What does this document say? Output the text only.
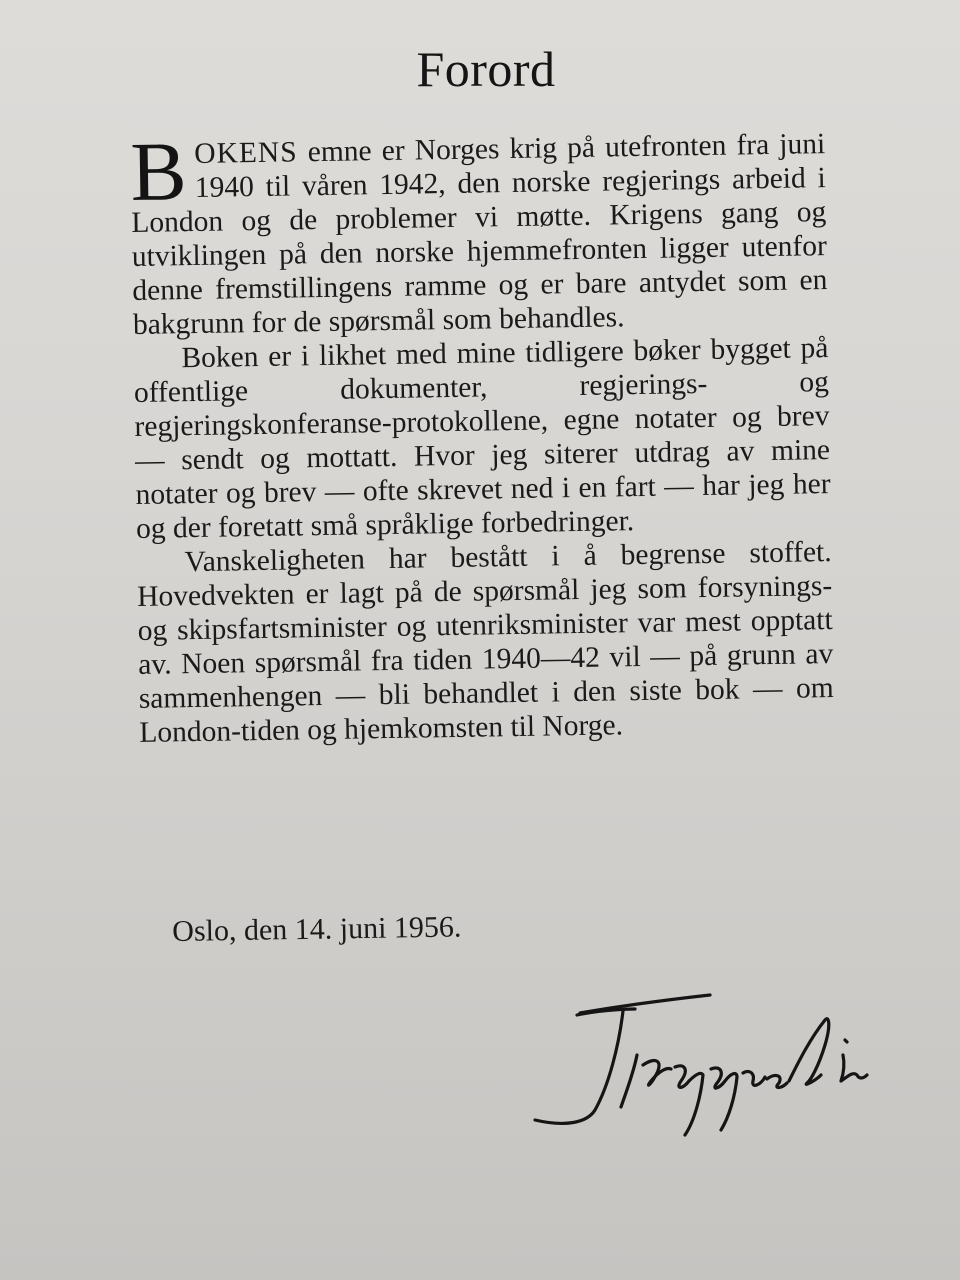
Forord

BOKENS emne er Norges krig på utefronten fra juni 1940 til våren 1942, den norske regjerings arbeid i London og de problemer vi møtte. Krigens gang og utviklingen på den norske hjemmefronten ligger utenfor denne fremstillingens ramme og er bare antydet som en bakgrunn for de spørsmål som behandles.

Boken er i likhet med mine tidligere bøker bygget på offentlige dokumenter, regjerings- og regjeringskonferanse-protokollene, egne notater og brev — sendt og mottatt. Hvor jeg siterer utdrag av mine notater og brev — ofte skrevet ned i en fart — har jeg her og der foretatt små språklige forbedringer.

Vanskeligheten har bestått i å begrense stoffet. Hovedvekten er lagt på de spørsmål jeg som forsynings- og skipsfartsminister og utenriksminister var mest opptatt av. Noen spørsmål fra tiden 1940—42 vil — på grunn av sammenhengen — bli behandlet i den siste bok — om London-tiden og hjemkomsten til Norge.

Oslo, den 14. juni 1956.
